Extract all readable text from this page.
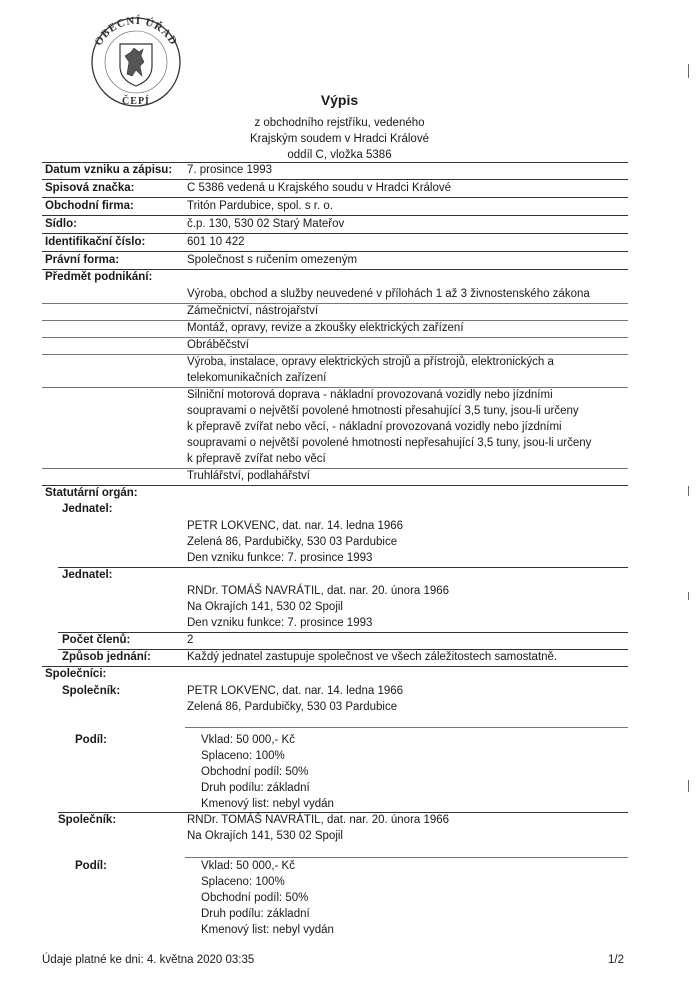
OBECNÍ ÚŘAD
ČEPÍ	Výpis
z obchodního rejstříku, vedeného
Krajským soudem v Hradci Králové
oddíl C, vložka 5386
Datum vzniku a zápisu: 7. prosince 1993
Spisová značka:	C 5386 vedená u Krajského soudu v Hradci Králové
Obchodní firma:	Tritón Pardubice, spol. s r. o.
Sídlo:	č.p. 130, 530 02 Starý Mateřov
Identifikační číslo:	601 10 422
Právní forma:	Společnost s ručením omezeným
Předmět podnikání:
Výroba, obchod a služby neuvedené v přílohách 1 až 3 živnostenského zákona
Zámečnictví, nástrojařství
Montáž, opravy, revize a zkoušky elektrických zařízení
Obráběčství
Výroba, instalace, opravy elektrických strojů a přístrojů, elektronických a
telekomunikačních zařízení
Silniční motorová doprava - nákladní provozovaná vozidly nebo jízdními
soupravami o největší povolené hmotnosti přesahující 3,5 tuny, jsou-li určeny
k přepravě zvířat nebo věcí, - nákladní provozovaná vozidly nebo jízdními
soupravami o největší povolené hmotnosti nepřesahující 3,5 tuny, jsou-li určeny
k přepravě zvířat nebo věcí
Truhlářství, podlahářství
Statutární orgán:
Jednatel:
PETR LOKVENC, dat. nar. 14. ledna 1966
Zelená 86, Pardubičky, 530 03 Pardubice
Den vzniku funkce: 7. prosince 1993
Jednatel:
RNDr. TOMÁŠ NAVRÁTIL, dat. nar. 20. února 1966
Na Okrajích 141, 530 02 Spojil
Den vzniku funkce: 7. prosince 1993
Počet členů:	2
Způsob jednání:	Každý jednatel zastupuje společnost ve všech záležitostech samostatně.
Společníci:
Společník:	PETR LOKVENC, dat. nar. 14. ledna 1966
Zelená 86, Pardubičky, 530 03 Pardubice
Podíl:	Vklad: 50 000,- Kč
Splaceno: 100%
Obchodní podíl: 50%
Druh podílu: základní
Kmenový list: nebyl vydán
Společník:	RNDr. TOMÁŠ NAVRÁTIL, dat. nar. 20. února 1966
Na Okrajích 141, 530 02 Spojil
Podíl:	Vklad: 50 000,- Kč
Splaceno: 100%
Obchodní podíl: 50%
Druh podílu: základní
Kmenový list: nebyl vydán
Údaje platné ke dni: 4. května 2020 03:35	1/2
